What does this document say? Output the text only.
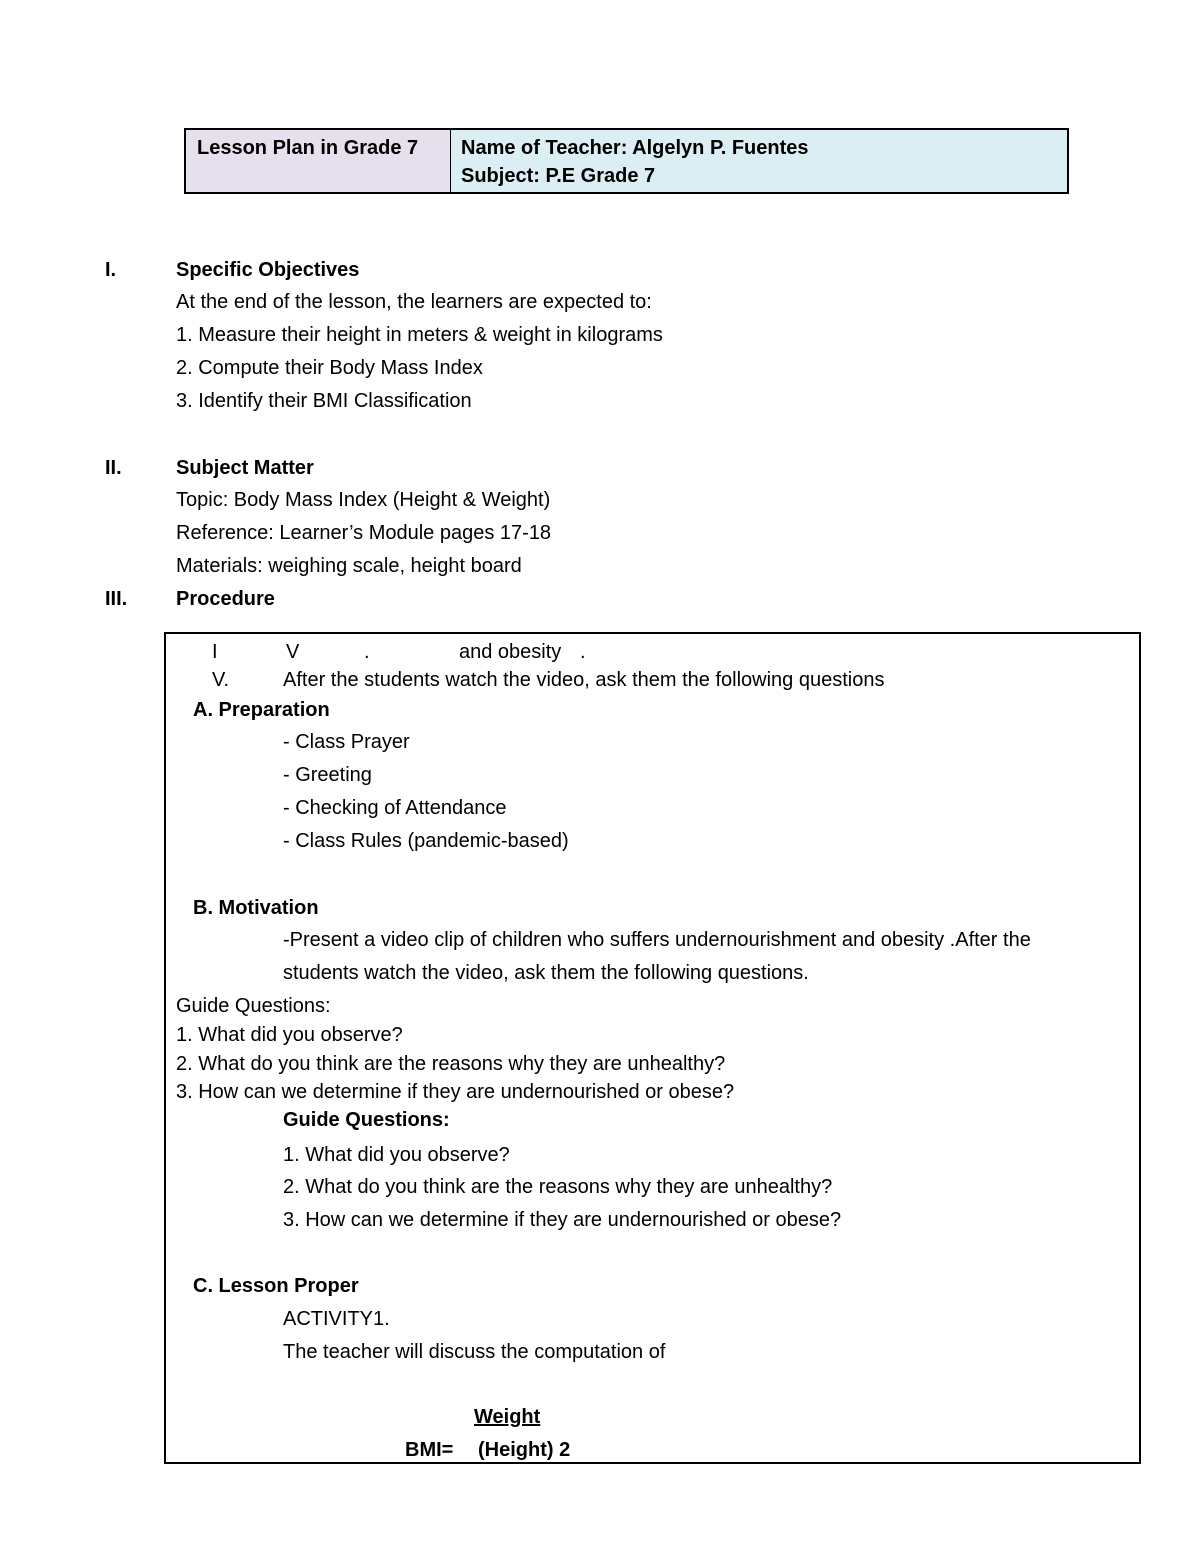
Lesson Plan in Grade 7 Name of Teacher: Algelyn P. Fuentes
Subject: P.E Grade 7
I.	Specific Objectives
At the end of the lesson, the learners are expected to:
1. Measure their height in meters & weight in kilograms
2. Compute their Body Mass Index
3. Identify their BMI Classification
II.	Subject Matter
Topic: Body Mass Index (Height & Weight)
Reference: Learner’s Module pages 17-18
Materials: weighing scale, height board
III. Procedure
I	V	.	and obesity .
V.	After the students watch the video, ask them the following questions
A. Preparation
- Class Prayer
- Greeting
- Checking of Attendance
- Class Rules (pandemic-based)
B. Motivation
-Present a video clip of children who suffers undernourishment and obesity .After the
students watch the video, ask them the following questions.
Guide Questions:
1. What did you observe?
2. What do you think are the reasons why they are unhealthy?
3. How can we determine if they are undernourished or obese?
Guide Questions:
1. What did you observe?
2. What do you think are the reasons why they are unhealthy?
3. How can we determine if they are undernourished or obese?
C. Lesson Proper
ACTIVITY1.
The teacher will discuss the computation of
Weight
BMI= (Height) 2
